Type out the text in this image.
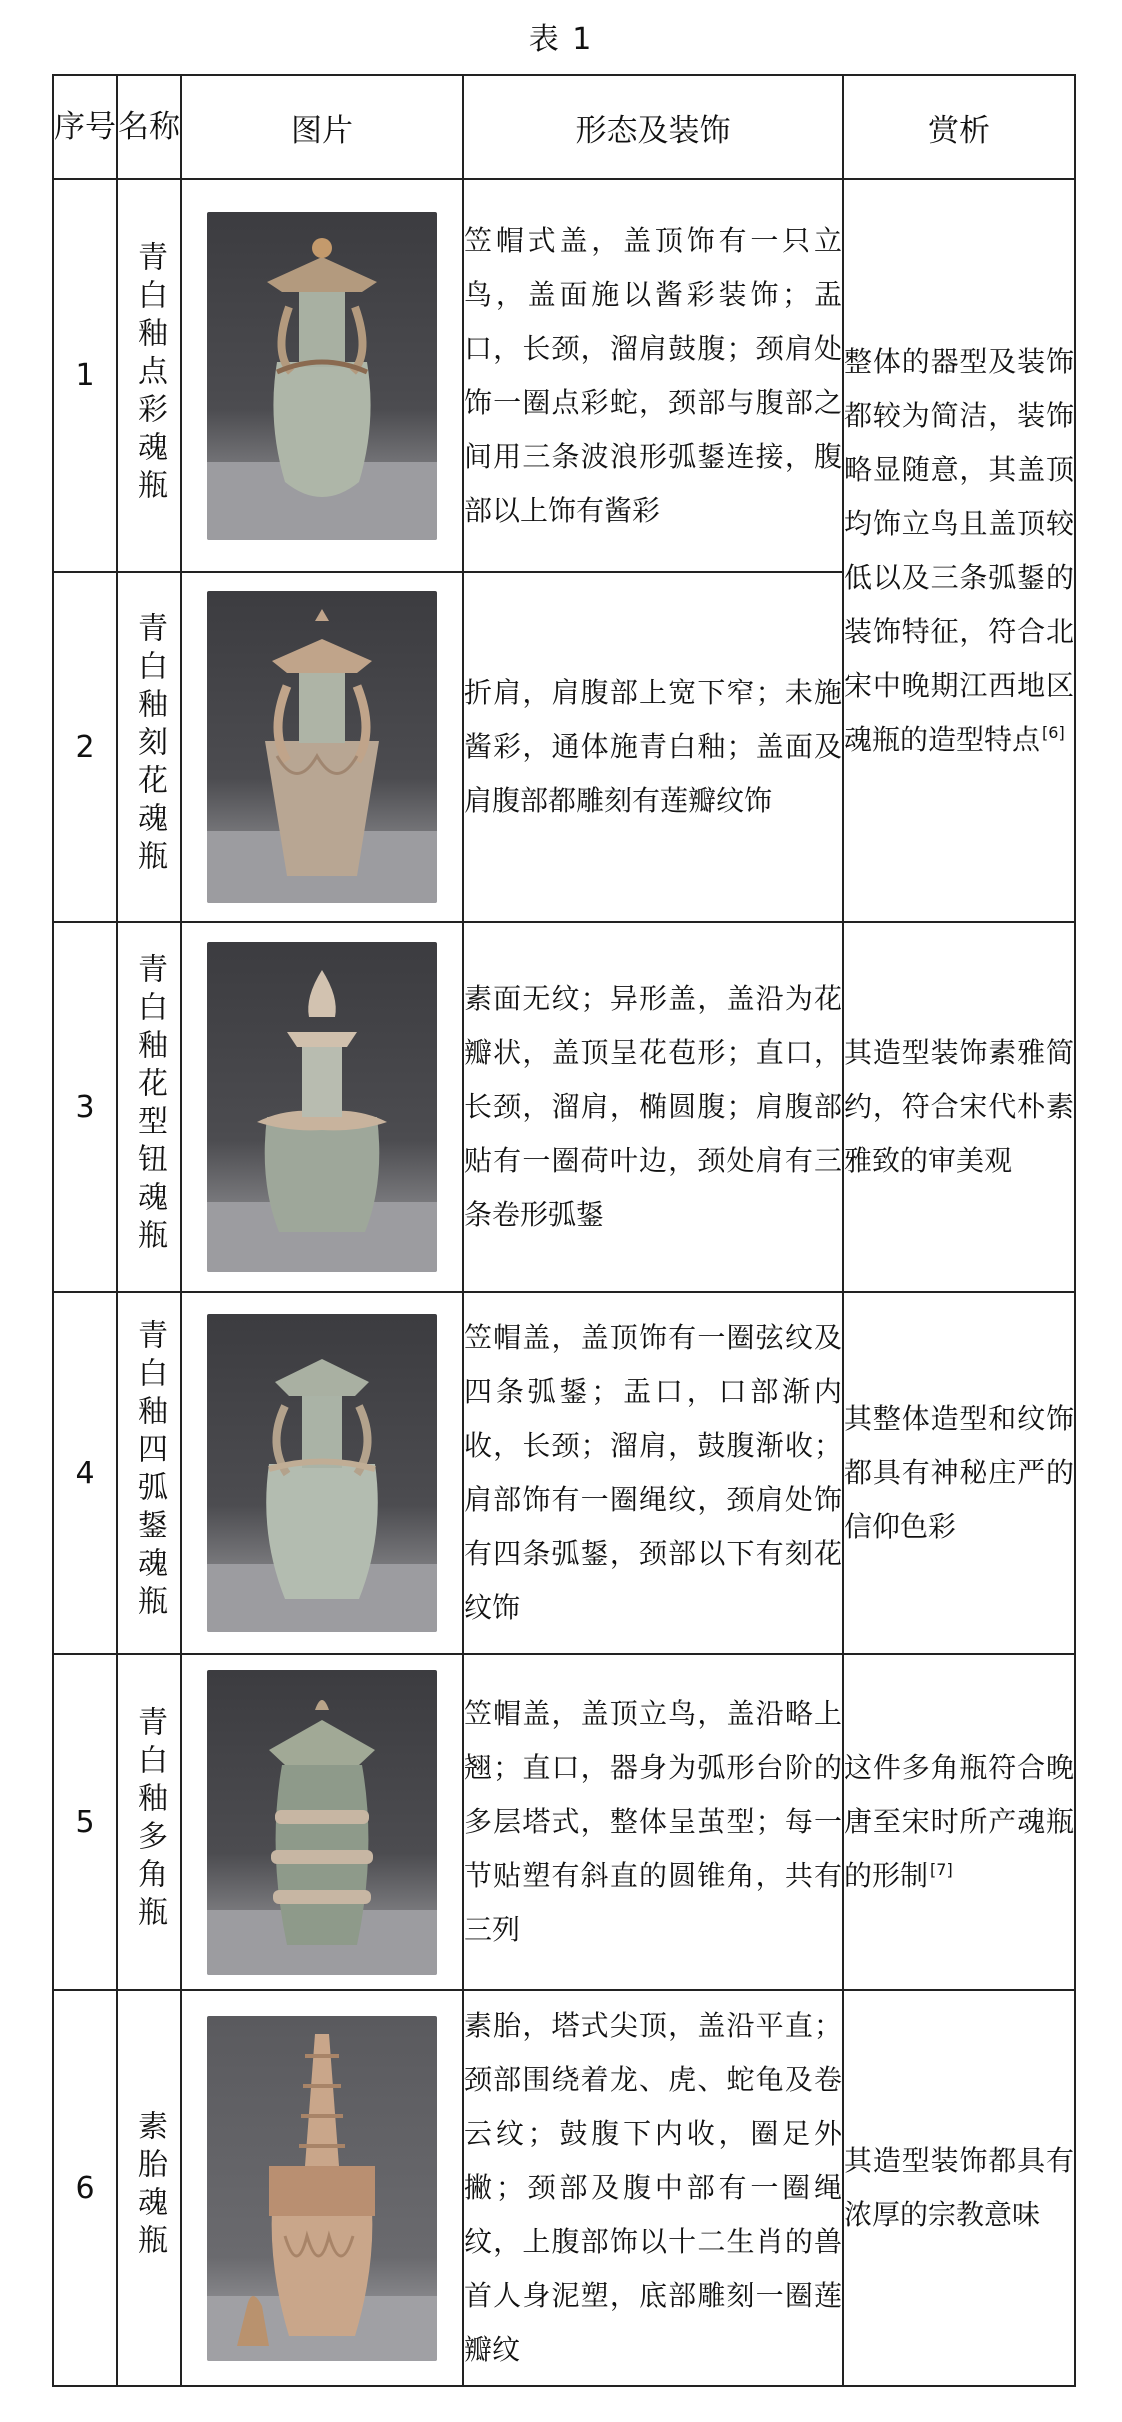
表 1
序号	名称	图片	形态及装饰	赏析
1	青白釉点彩魂瓶		笠帽式盖，盖顶饰有一只立鸟，盖面施以酱彩装饰；盂口，长颈，溜肩鼓腹；颈肩处饰一圈点彩蛇，颈部与腹部之间用三条波浪形弧鋬连接，腹部以上饰有酱彩	整体的器型及装饰都较为简洁，装饰略显随意，其盖顶均饰立鸟且盖顶较低以及三条弧鋬的装饰特征，符合北宋中晚期江西地区魂瓶的造型特点 [6]
2	青白釉刻花魂瓶		折肩，肩腹部上宽下窄；未施酱彩，通体施青白釉；盖面及肩腹部都雕刻有莲瓣纹饰	
3	青白釉花型钮魂瓶		素面无纹；异形盖，盖沿为花瓣状，盖顶呈花苞形；直口，长颈，溜肩，椭圆腹；肩腹部贴有一圈荷叶边，颈处肩有三条卷形弧鋬	其造型装饰素雅简约，符合宋代朴素雅致的审美观
4	青白釉四弧鋬魂瓶		笠帽盖，盖顶饰有一圈弦纹及四条弧鋬；盂口，口部渐内收，长颈；溜肩，鼓腹渐收；肩部饰有一圈绳纹，颈肩处饰有四条弧鋬，颈部以下有刻花纹饰	其整体造型和纹饰都具有神秘庄严的信仰色彩
5	青白釉多角瓶		笠帽盖，盖顶立鸟，盖沿略上翘；直口，器身为弧形台阶的多层塔式，整体呈茧型；每一节贴塑有斜直的圆锥角，共有三列	这件多角瓶符合晚唐至宋时所产魂瓶的形制 [7]
6	素胎魂瓶		素胎，塔式尖顶，盖沿平直；颈部围绕着龙、虎、蛇龟及卷云纹；鼓腹下内收，圈足外撇；颈部及腹中部有一圈绳纹，上腹部饰以十二生肖的兽首人身泥塑，底部雕刻一圈莲瓣纹	其造型装饰都具有浓厚的宗教意味
